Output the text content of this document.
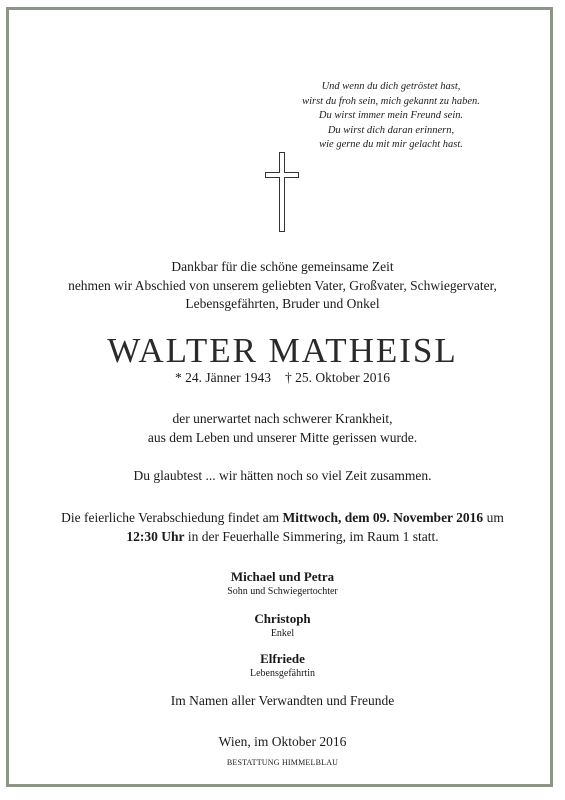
Und wenn du dich getröstet hast,
wirst du froh sein, mich gekannt zu haben.
Du wirst immer mein Freund sein.
Du wirst dich daran erinnern,
wie gerne du mit mir gelacht hast.
Dankbar für die schöne gemeinsame Zeit
nehmen wir Abschied von unserem geliebten Vater, Großvater, Schwiegervater,
Lebensgefährten, Bruder und Onkel
WALTER MATHEISL
* 24. Jänner 1943 † 25. Oktober 2016
der unerwartet nach schwerer Krankheit,
aus dem Leben und unserer Mitte gerissen wurde.
Du glaubtest ... wir hätten noch so viel Zeit zusammen.
Die feierliche Verabschiedung findet am Mittwoch, dem 09. November 2016 um
12:30 Uhr in der Feuerhalle Simmering, im Raum 1 statt.
Michael und Petra
Sohn und Schwiegertochter
Christoph
Enkel
Elfriede
Lebensgefährtin
Im Namen aller Verwandten und Freunde
Wien, im Oktober 2016
BESTATTUNG HIMMELBLAU
